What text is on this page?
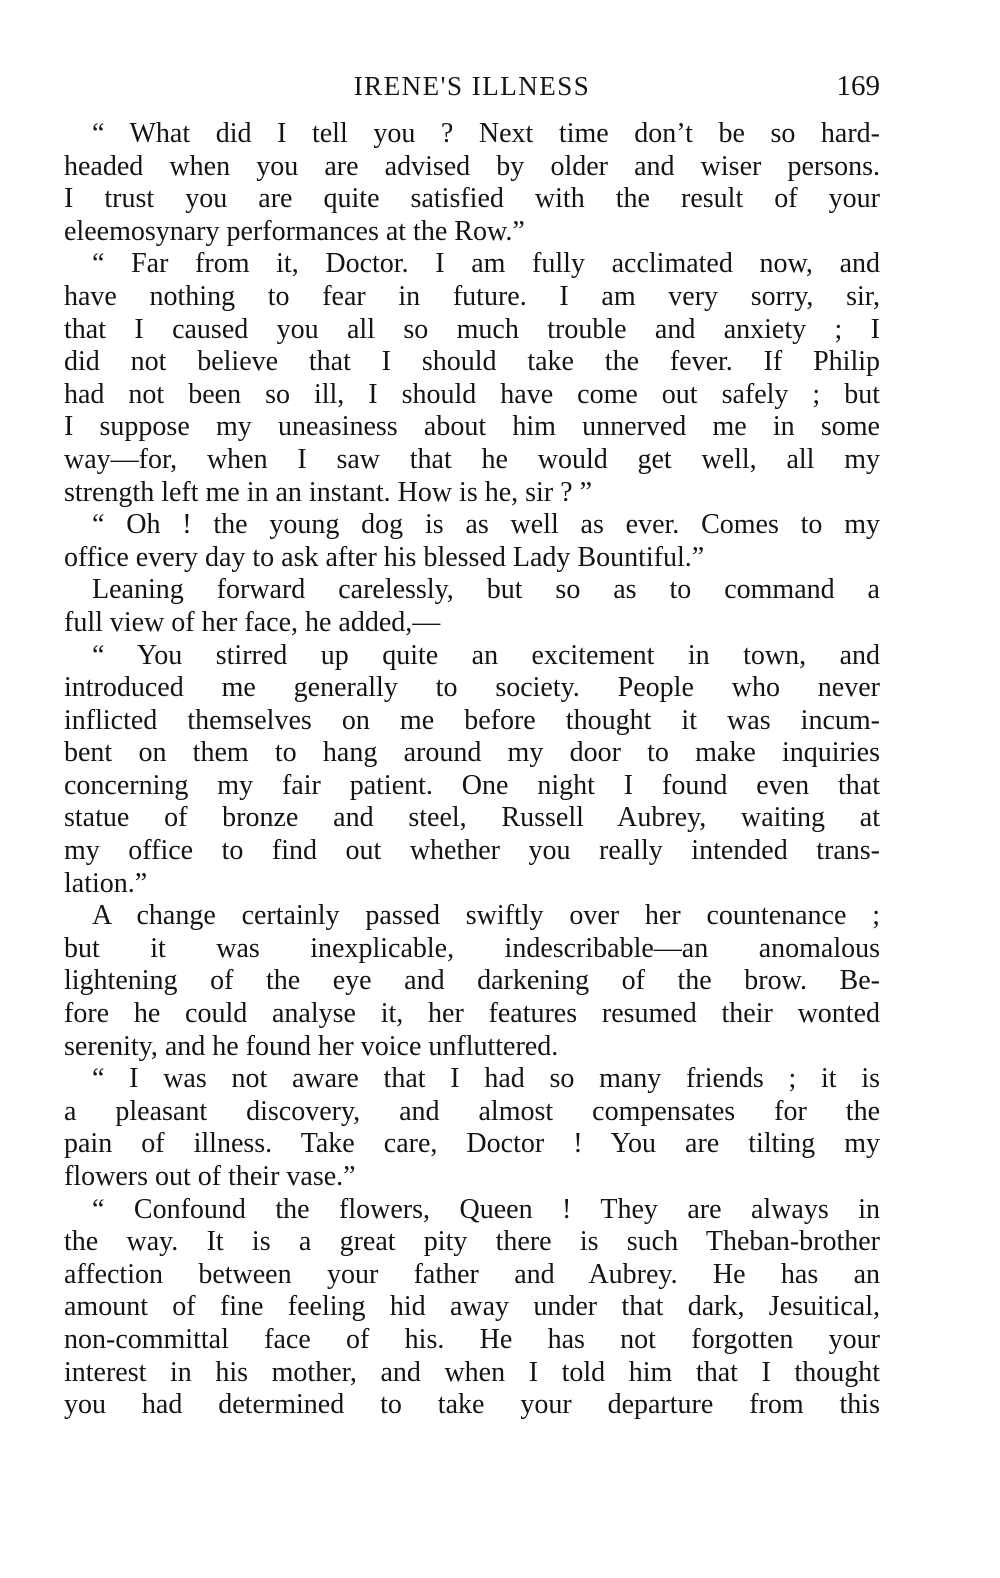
IRENE'S ILLNESS	169
“ What did I tell you ? Next time don’t be so hard-
headed when you are advised by older and wiser persons.
I trust you are quite satisfied with the result of your
eleemosynary performances at the Row.”
“ Far from it, Doctor. I am fully acclimated now, and
have nothing to fear in future. I am very sorry, sir,
that I caused you all so much trouble and anxiety ; I
did not believe that I should take the fever. If Philip
had not been so ill, I should have come out safely ; but
I suppose my uneasiness about him unnerved me in some
way—for, when I saw that he would get well, all my
strength left me in an instant. How is he, sir ? ”
“ Oh ! the young dog is as well as ever. Comes to my
office every day to ask after his blessed Lady Bountiful.”
Leaning forward carelessly, but so as to command a
full view of her face, he added,—
“ You stirred up quite an excitement in town, and
introduced me generally to society. People who never
inflicted themselves on me before thought it was incum-
bent on them to hang around my door to make inquiries
concerning my fair patient. One night I found even that
statue of bronze and steel, Russell Aubrey, waiting at
my office to find out whether you really intended trans-
lation.”
A change certainly passed swiftly over her countenance ;
but it was inexplicable, indescribable—an anomalous
lightening of the eye and darkening of the brow. Be-
fore he could analyse it, her features resumed their wonted
serenity, and he found her voice unfluttered.
“ I was not aware that I had so many friends ; it is
a pleasant discovery, and almost compensates for the
pain of illness. Take care, Doctor ! You are tilting my
flowers out of their vase.”
“ Confound the flowers, Queen ! They are always in
the way. It is a great pity there is such Theban-brother
affection between your father and Aubrey. He has an
amount of fine feeling hid away under that dark, Jesuitical,
non-committal face of his. He has not forgotten your
interest in his mother, and when I told him that I thought
you had determined to take your departure from this
